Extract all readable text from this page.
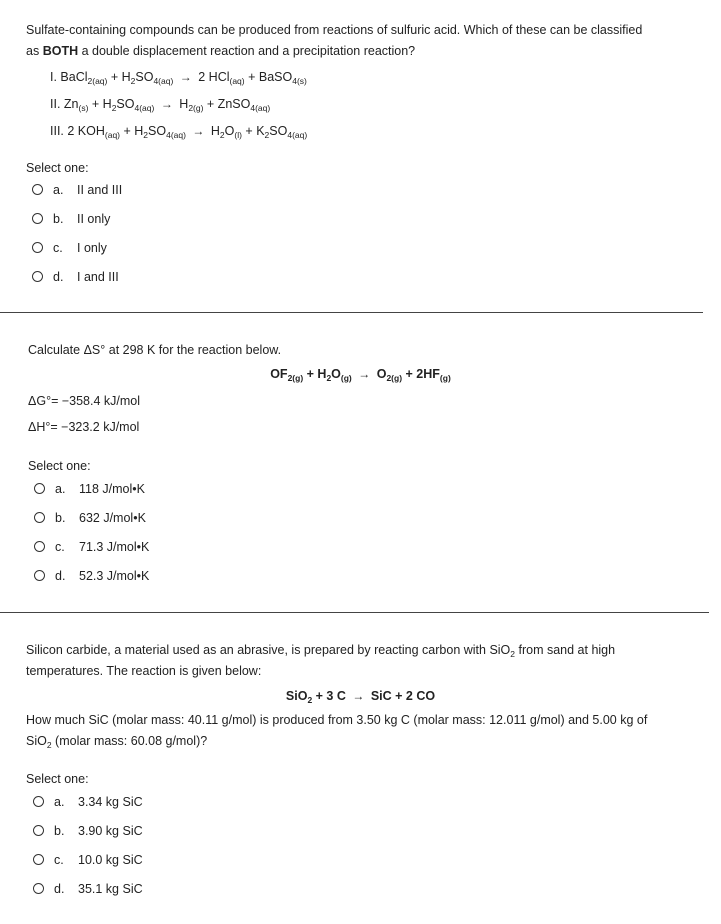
Sulfate-containing compounds can be produced from reactions of sulfuric acid. Which of these can be classified
as BOTH a double displacement reaction and a precipitation reaction?
I. BaCl$_{2(aq)}$ + $H_2SO_{4(aq)} \to 2$ HCl$_{(aq)}$ + BaSO$_{4(s)}$
II. $Zn_{(s)} + H_2SO_{4(aq)} \to H_{2(g)}$ + ZnSO$_{4(aq)}$
III. 2 $KOH_{(aq)} + H_2SO_{4(aq)} \to H_2O_{(l)} + K_2SO_{4(aq)}$
Select one:
a.	II and III
b.	II only
c.	I only
d.	I and III
Calculate ΔS° at 298 K for the reaction below.
$OF_{2(g)} + H_2O_{(g)} \to O_{2(g)} + 2HF_{(g)}$
ΔG°= −358.4 kJ/mol
ΔH°= −323.2 kJ/mol
Select one:
a.	118 J/mol•K
b.	632 J/mol•K
c.	71.3 J/mol•K
d.	52.3 J/mol•K
Silicon carbide, a material used as an abrasive, is prepared by reacting carbon with SiO$_2$ from sand at high
temperatures. The reaction is given below:
SiO$_2$ + 3 C → SiC + 2 CO
How much SiC (molar mass: 40.11 g/mol) is produced from 3.50 kg C (molar mass: 12.011 g/mol) and 5.00 kg of
SiO$_2$ (molar mass: 60.08 g/mol)?
Select one:
a.	3.34 kg SiC
b.	3.90 kg SiC
c.	10.0 kg SiC
d.	35.1 kg SiC
